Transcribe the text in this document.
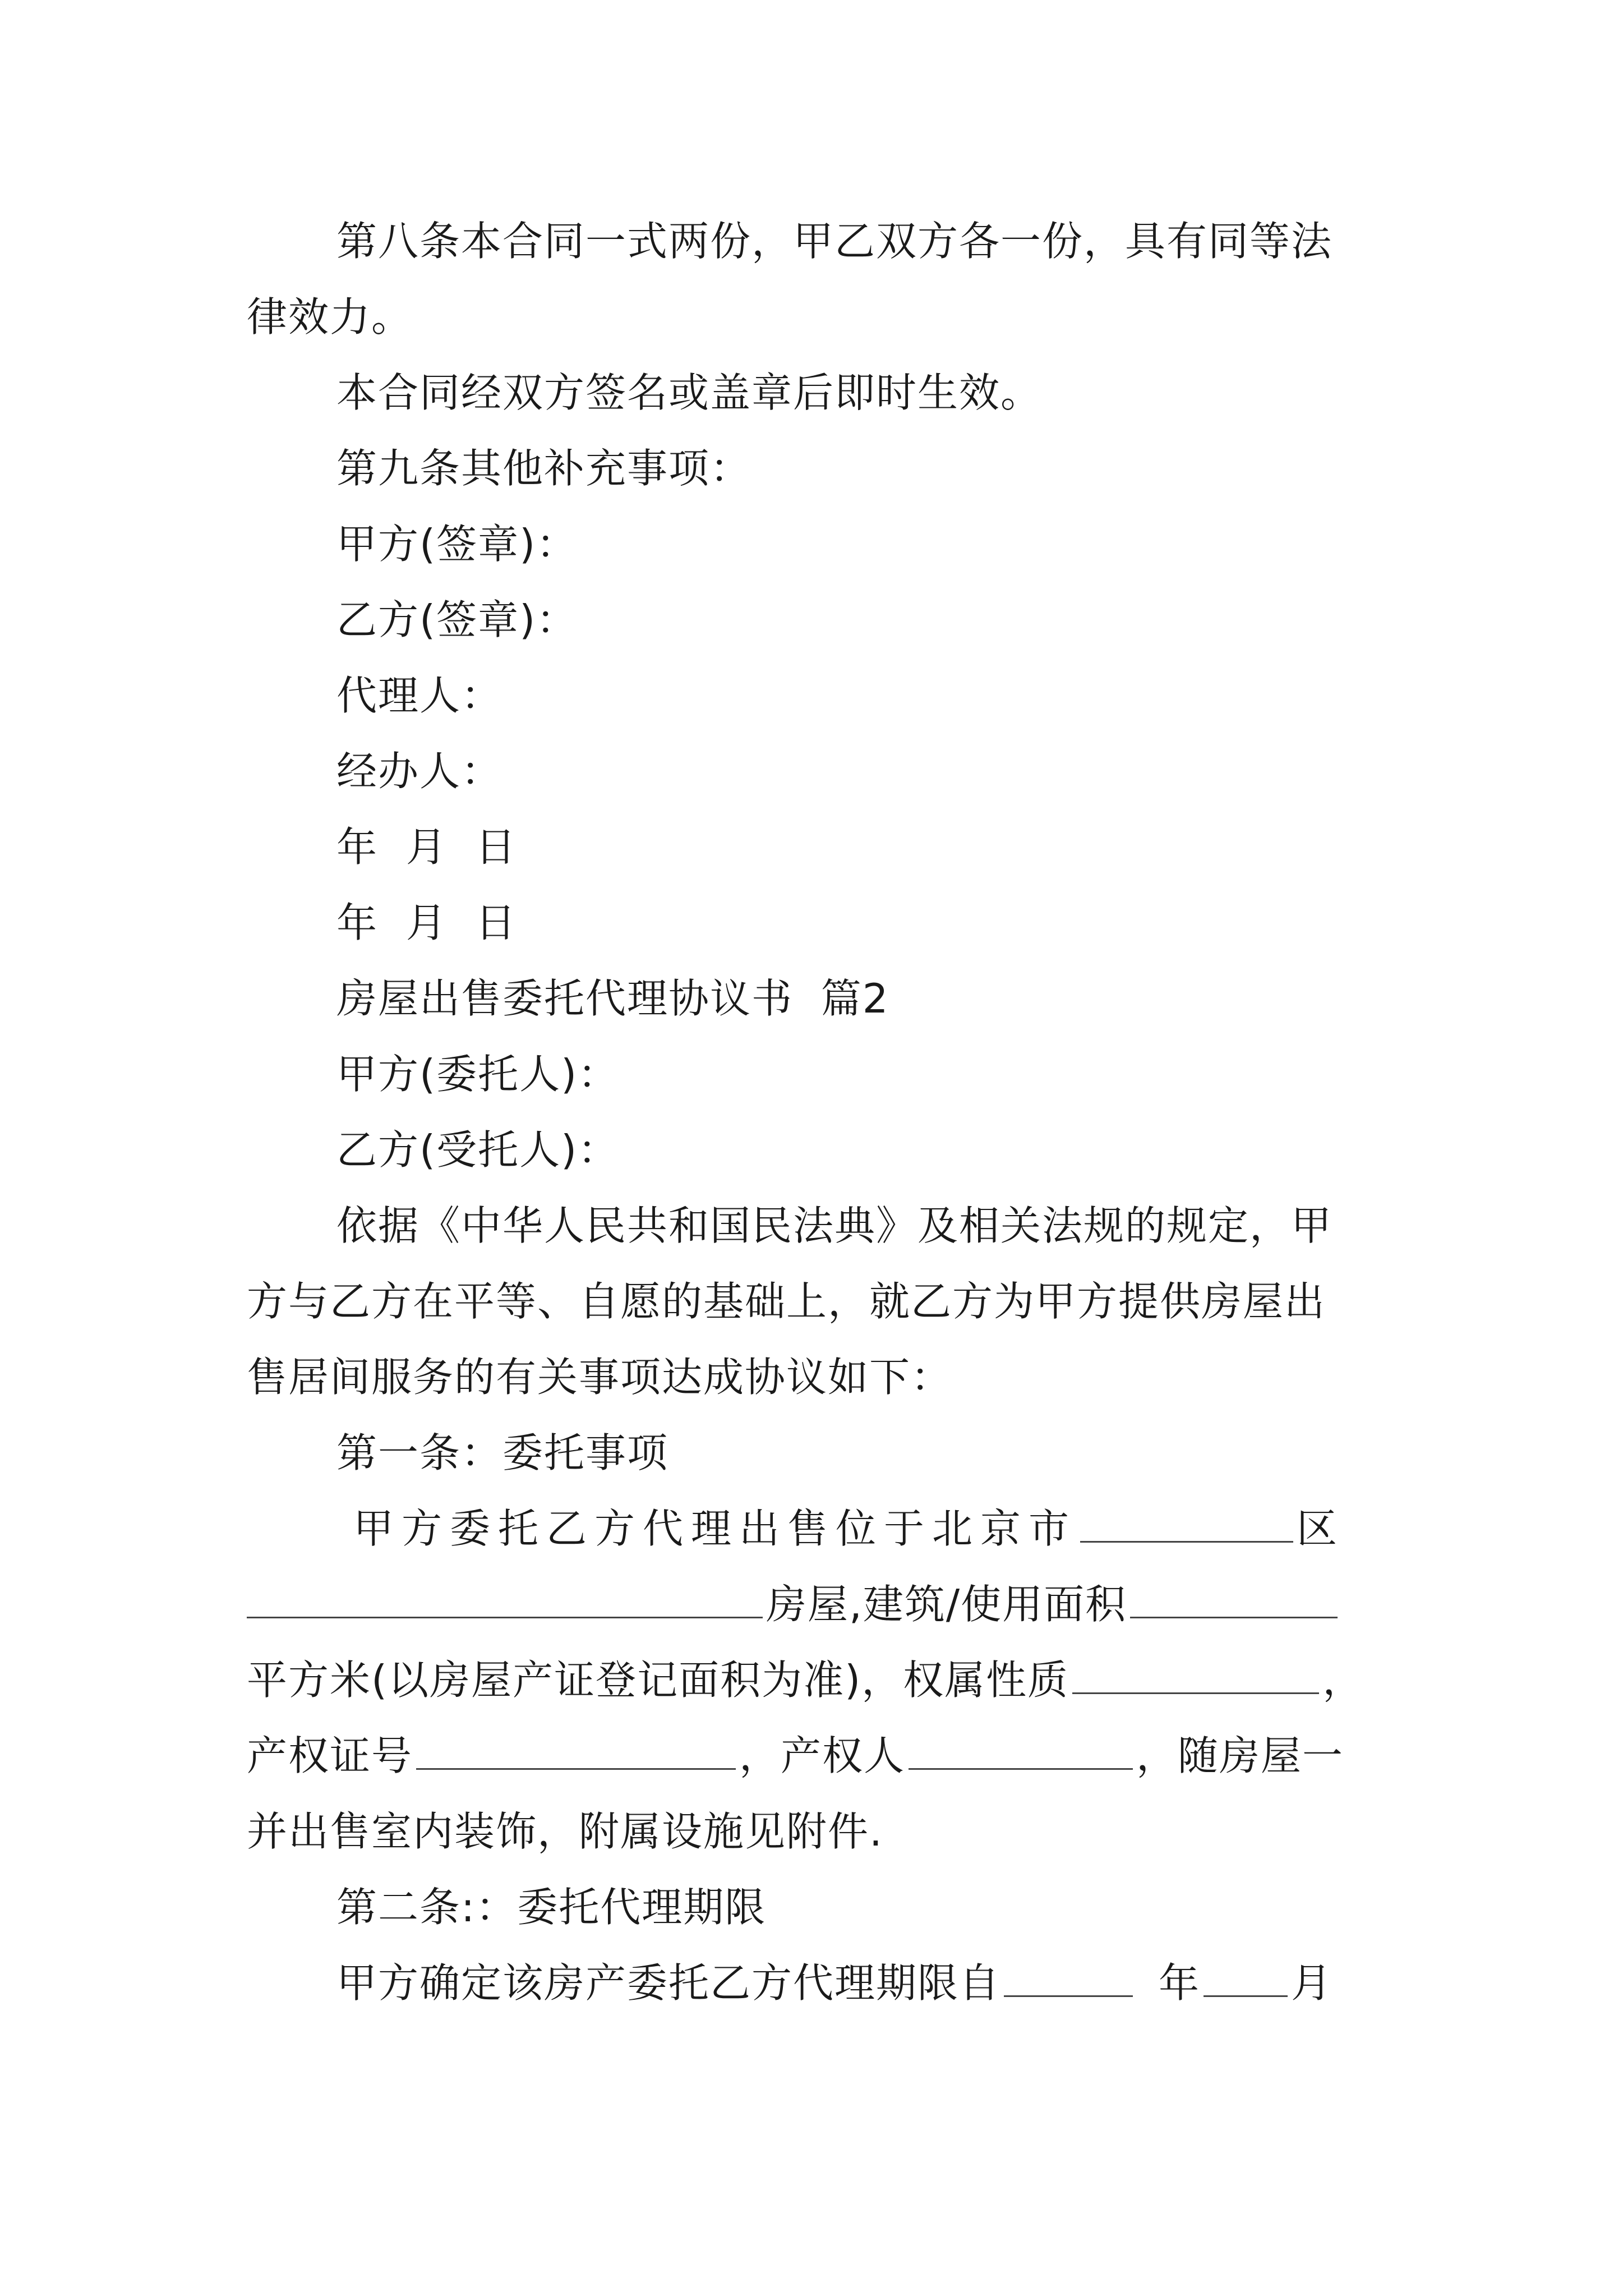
第八条本合同一式两份，甲乙双方各一份，具有同等法
律效力。
本合同经双方签名或盖章后即时生效。
第九条其他补充事项：
甲方(签章)：
乙方(签章)：
代理人：
经办人：
年  月  日
年  月  日
房屋出售委托代理协议书  篇2
甲方(委托人)：
乙方(受托人)：
依据《中华人民共和国民法典》及相关法规的规定，甲
方与乙方在平等、自愿的基础上，就乙方为甲方提供房屋出
售居间服务的有关事项达成协议如下：
第一条：委托事项
甲方委托乙方代理出售位于北京市	区
房屋,建筑/使用面积
平方米(以房屋产证登记面积为准)，权属性质	，
产权证号	，产权人	，随房屋一
并出售室内装饰，附属设施见附件.
第二条:：委托代理期限
甲方确定该房产委托乙方代理期限自	年 月
